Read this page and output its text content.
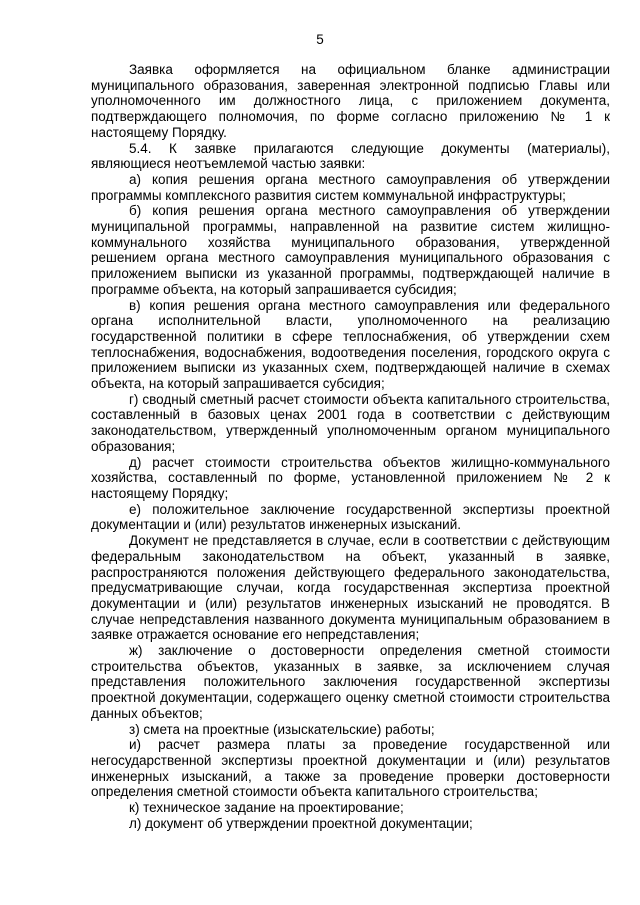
5

Заявка оформляется на официальном бланке администрации муниципального образования, заверенная электронной подписью Главы или уполномоченного им должностного лица, с приложением документа, подтверждающего полномочия, по форме согласно приложению № 1 к настоящему Порядку.

5.4. К заявке прилагаются следующие документы (материалы), являющиеся неотъемлемой частью заявки:

а) копия решения органа местного самоуправления об утверждении программы комплексного развития систем коммунальной инфраструктуры;

б) копия решения органа местного самоуправления об утверждении муниципальной программы, направленной на развитие систем жилищно-коммунального хозяйства муниципального образования, утвержденной решением органа местного самоуправления муниципального образования с приложением выписки из указанной программы, подтверждающей наличие в программе объекта, на который запрашивается субсидия;

в) копия решения органа местного самоуправления или федерального органа исполнительной власти, уполномоченного на реализацию государственной политики в сфере теплоснабжения, об утверждении схем теплоснабжения, водоснабжения, водоотведения поселения, городского округа с приложением выписки из указанных схем, подтверждающей наличие в схемах объекта, на который запрашивается субсидия;

г) сводный сметный расчет стоимости объекта капитального строительства, составленный в базовых ценах 2001 года в соответствии с действующим законодательством, утвержденный уполномоченным органом муниципального образования;

д) расчет стоимости строительства объектов жилищно-коммунального хозяйства, составленный по форме, установленной приложением № 2 к настоящему Порядку;

е) положительное заключение государственной экспертизы проектной документации и (или) результатов инженерных изысканий.

Документ не представляется в случае, если в соответствии с действующим федеральным законодательством на объект, указанный в заявке, распространяются положения действующего федерального законодательства, предусматривающие случаи, когда государственная экспертиза проектной документации и (или) результатов инженерных изысканий не проводятся. В случае непредставления названного документа муниципальным образованием в заявке отражается основание его непредставления;

ж) заключение о достоверности определения сметной стоимости строительства объектов, указанных в заявке, за исключением случая представления положительного заключения государственной экспертизы проектной документации, содержащего оценку сметной стоимости строительства данных объектов;

з) смета на проектные (изыскательские) работы;

и) расчет размера платы за проведение государственной или негосударственной экспертизы проектной документации и (или) результатов инженерных изысканий, а также за проведение проверки достоверности определения сметной стоимости объекта капитального строительства;

к) техническое задание на проектирование;

л) документ об утверждении проектной документации;
